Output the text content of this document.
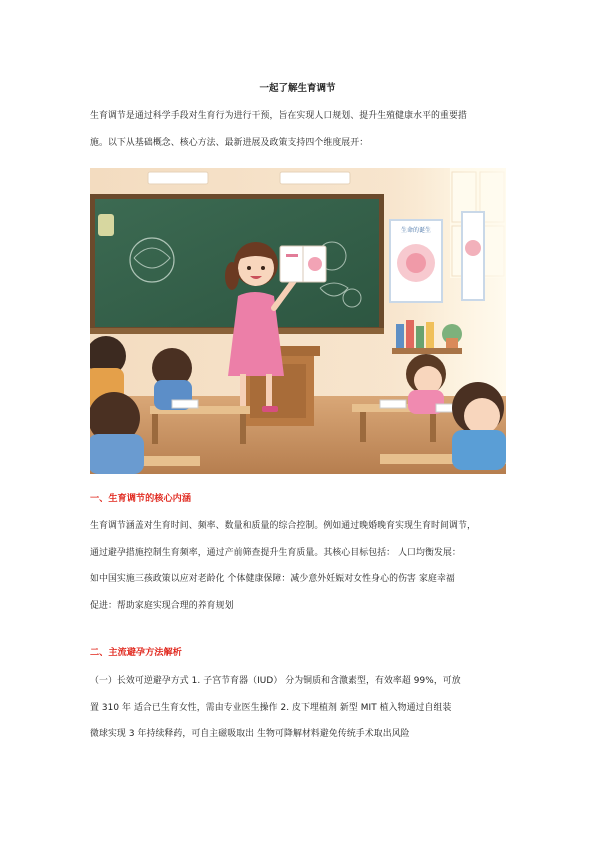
一起了解生育调节

生育调节是通过科学手段对生育行为进行干预，旨在实现人口规划、提升生殖健康水平的重要措
施。以下从基础概念、核心方法、最新进展及政策支持四个维度展开：

生命的诞生
一、生育调节的核心内涵

生育调节涵盖对生育时间、频率、数量和质量的综合控制。例如通过晚婚晚育实现生育时间调节，
通过避孕措施控制生育频率，通过产前筛查提升生育质量。其核心目标包括： 人口均衡发展：
如中国实施三孩政策以应对老龄化 个体健康保障：减少意外妊娠对女性身心的伤害 家庭幸福
促进：帮助家庭实现合理的养育规划

二、主流避孕方法解析

（一）长效可逆避孕方式 1. 子宫节育器（IUD） 分为铜质和含激素型，有效率超 99%，可放
置 3​10 年 适合已生育女性，需由专业医生操作 2. 皮下埋植剂 新型 MIT 植入物通过自组装
微球实现 3 年持续释药，可自主磁吸取出 生物可降解材料避免传统手术取出风险
